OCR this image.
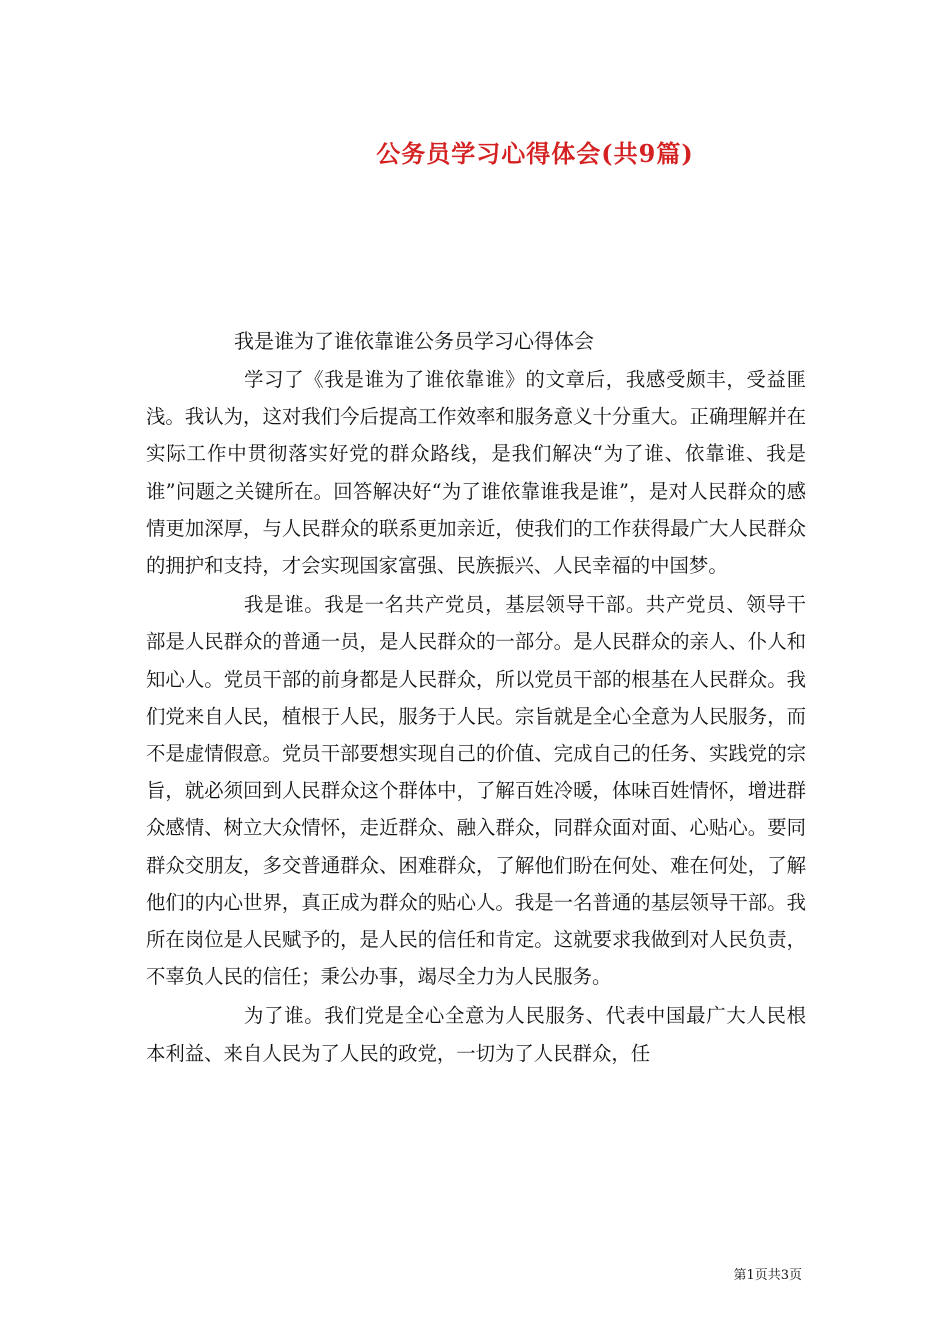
公务员学习心得体会(共9篇)
我是谁为了谁依靠谁公务员学习心得体会

学习了《我是谁为了谁依靠谁》的文章后，我感受颇丰，受益匪浅。我认为，这对我们今后提高工作效率和服务意义十分重大。正确理解并在实际工作中贯彻落实好党的群众路线，是我们解决“为了谁、依靠谁、我是谁”问题之关键所在。回答解决好“为了谁依靠谁我是谁”，是对人民群众的感情更加深厚，与人民群众的联系更加亲近，使我们的工作获得最广大人民群众的拥护和支持，才会实现国家富强、民族振兴、人民幸福的中国梦。

我是谁。我是一名共产党员，基层领导干部。共产党员、领导干部是人民群众的普通一员，是人民群众的一部分。是人民群众的亲人、仆人和知心人。党员干部的前身都是人民群众，所以党员干部的根基在人民群众。我们党来自人民，植根于人民，服务于人民。宗旨就是全心全意为人民服务，而不是虚情假意。党员干部要想实现自己的价值、完成自己的任务、实践党的宗旨，就必须回到人民群众这个群体中，了解百姓冷暖，体味百姓情怀，增进群众感情、树立大众情怀，走近群众、融入群众，同群众面对面、心贴心。要同群众交朋友，多交普通群众、困难群众，了解他们盼在何处、难在何处，了解他们的内心世界，真正成为群众的贴心人。我是一名普通的基层领导干部。我所在岗位是人民赋予的，是人民的信任和肯定。这就要求我做到对人民负责，不辜负人民的信任；秉公办事，竭尽全力为人民服务。

为了谁。我们党是全心全意为人民服务、代表中国最广大人民根本利益、来自人民为了人民的政党，一切为了人民群众，任

第1页共3页
